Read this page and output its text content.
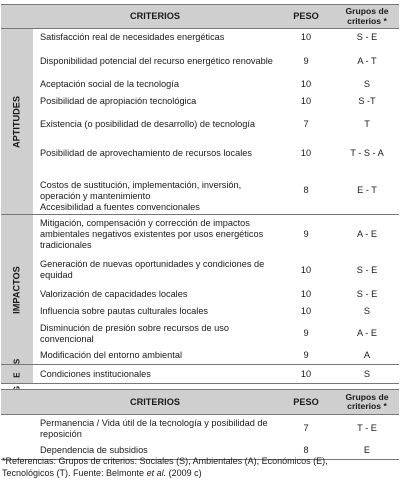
	CRITERIOS	PESO	Grupos de criterios *

APTITUDES	Satisfacción real de necesidades energéticas	10	S - E
	Disponibilidad potencial del recurso energético renovable	9	A - T
	Aceptación social de la tecnología	10	S
	Posibilidad de apropiación tecnológica	10	S -T
	Existencia (o posibilidad de desarrollo) de tecnología	7	T
	Posibilidad de aprovechamiento de recursos locales	10	T - S - A
	Costos de sustitución, implementación, inversión, operación y mantenimiento	8	E - T
	Accesibilidad a fuentes convencionales		

IMPACTOS	Mitigación, compensación y corrección de impactos ambientales negativos existentes por usos energéticos tradicionales	9	A - E
	Generación de nuevas oportunidades y condiciones de equidad	10	S - E
	Valorización de capacidades locales	10	S - E
	Influencia sobre pautas culturales locales	10	S
	Disminución de presión sobre recursos de uso convencional	9	A - E
	Modificación del entorno ambiental	9	A

G E S	Condiciones institucionales	10	S
	CRITERIOS	PESO	Grupos de criterios *
	Permanencia / Vida útil de la tecnología y posibilidad de reposición	7	T - E
	Dependencia de subsidios	8	E

*Referencias: Grupos de criterios: Sociales (S), Ambientales (A), Económicos (E),
Tecnológicos (T). Fuente: Belmonte et al. (2009 c)
